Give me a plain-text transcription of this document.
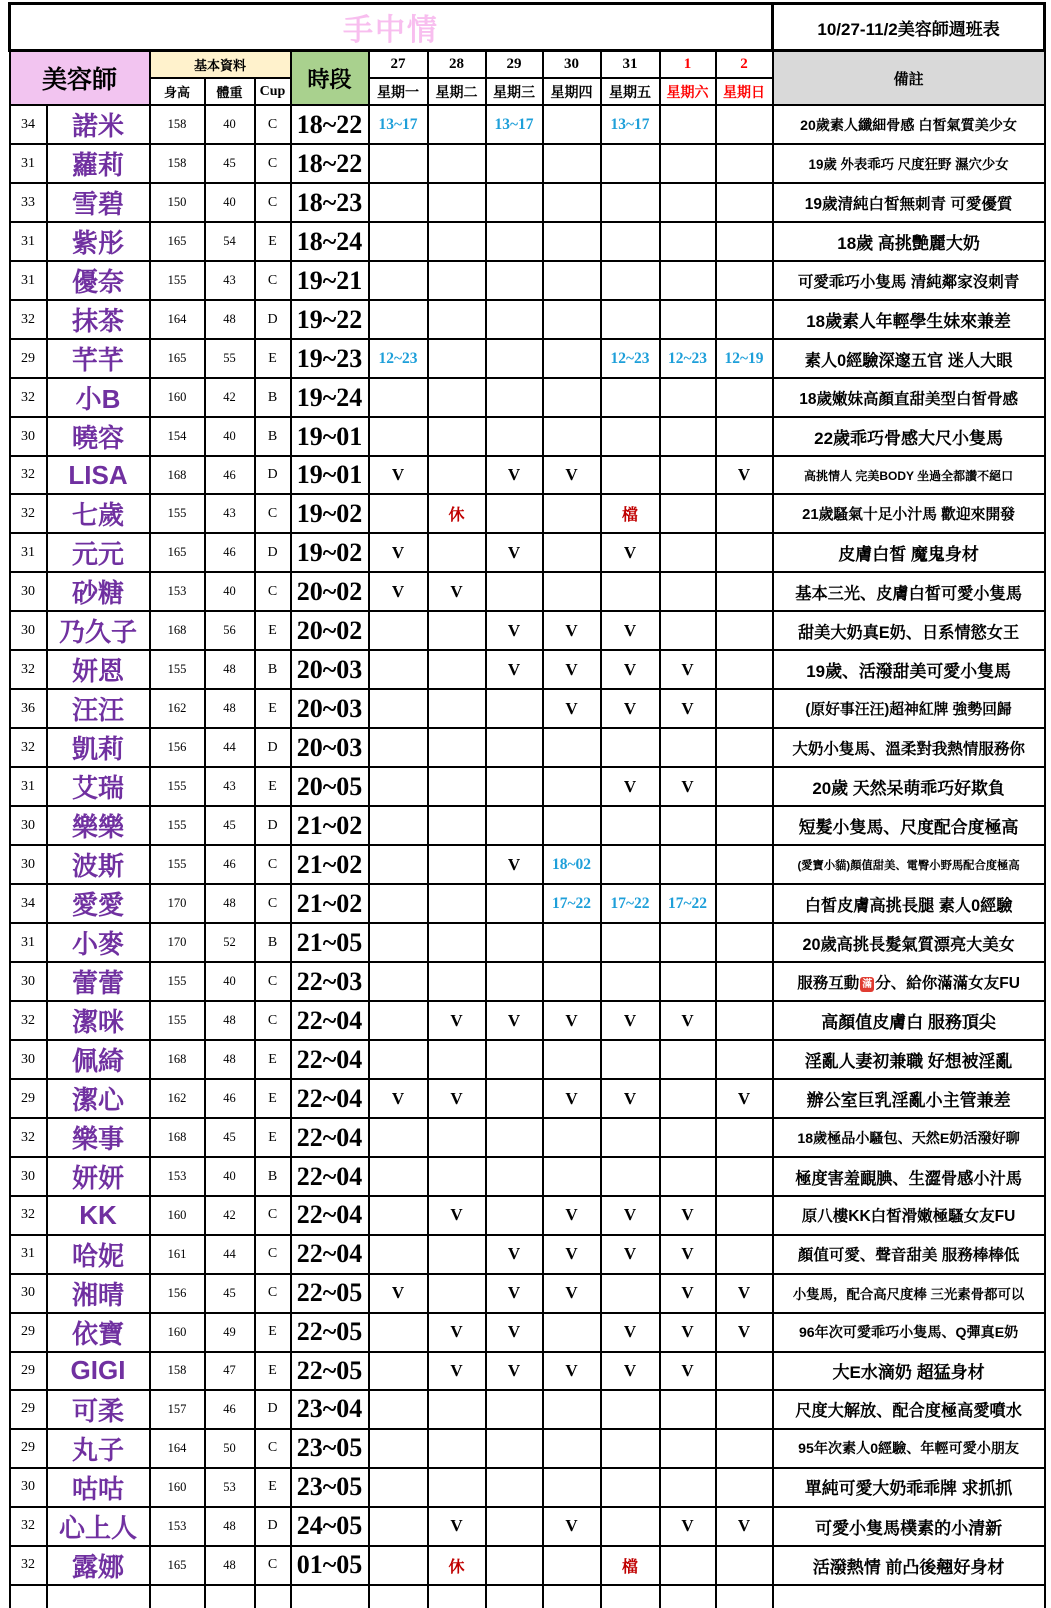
手中情													10/27-11/2美容師週班表
美容師		基本資料			時段	27	28	29	30	31	1	2	備註
		身高	體重	Cup		星期一	星期二	星期三	星期四	星期五	星期六	星期日	
34	諾米	158	40	C	18~22	13~17		13~17		13~17			20歲素人纖細骨感 白皙氣質美少女
31	蘿莉	158	45	C	18~22								19歲 外表乖巧 尺度狂野 濕穴少女
33	雪碧	150	40	C	18~23								19歲清純白皙無刺青 可愛優質
31	紫彤	165	54	E	18~24								18歲 高挑艷麗大奶
31	優奈	155	43	C	19~21								可愛乖巧小隻馬 清純鄰家沒刺青
32	抹茶	164	48	D	19~22								18歲素人年輕學生妹來兼差
29	芊芊	165	55	E	19~23	12~23				12~23	12~23	12~19	素人0經驗深邃五官 迷人大眼
32	小B	160	42	B	19~24								18歲嫩妹高顏直甜美型白皙骨感
30	曉容	154	40	B	19~01								22歲乖巧骨感大尺小隻馬
32	LISA	168	46	D	19~01	V		V	V			V	高挑情人 完美BODY 坐過全都讚不絕口
32	七歲	155	43	C	19~02		休			檔			21歲騷氣十足小汁馬 歡迎來開發
31	元元	165	46	D	19~02	V		V		V			皮膚白皙 魔鬼身材
30	砂糖	153	40	C	20~02	V	V						基本三光、皮膚白皙可愛小隻馬
30	乃久子	168	56	E	20~02			V	V	V			甜美大奶真E奶、日系情慾女王
32	妍恩	155	48	B	20~03			V	V	V	V		19歲、活潑甜美可愛小隻馬
36	汪汪	162	48	E	20~03				V	V	V		(原好事汪汪)超神紅牌 強勢回歸
32	凱莉	156	44	D	20~03								大奶小隻馬、溫柔對我熱情服務你
31	艾瑞	155	43	E	20~05					V	V		20歲 天然呆萌乖巧好欺負
30	樂樂	155	45	D	21~02								短髮小隻馬、尺度配合度極高
30	波斯	155	46	C	21~02			V	18~02				(愛寶小貓)顏值甜美、電臀小野馬配合度極高
34	愛愛	170	48	C	21~02				17~22	17~22	17~22		白皙皮膚高挑長腿 素人0經驗
31	小麥	170	52	B	21~05								20歲高挑長髮氣質漂亮大美女
30	蕾蕾	155	40	C	22~03								服務互動 滿 分、給你滿滿女友FU
32	潔咪	155	48	C	22~04		V	V	V	V	V		高顏值皮膚白 服務頂尖
30	佩綺	168	48	E	22~04								淫亂人妻初兼職 好想被淫亂
29	潔心	162	46	E	22~04	V	V		V	V		V	辦公室巨乳淫亂小主管兼差
32	樂事	168	45	E	22~04								18歲極品小騷包、天然E奶活潑好聊
30	妍妍	153	40	B	22~04								極度害羞靦腆、生澀骨感小汁馬
32	KK	160	42	C	22~04		V		V	V	V		原八樓KK白皙滑嫩極騷女友FU
31	哈妮	161	44	C	22~04			V	V	V	V		顏值可愛、聲音甜美 服務棒棒低
30	湘晴	156	45	C	22~05	V		V	V		V	V	小隻馬，配合高尺度棒 三光素骨都可以
29	依寶	160	49	E	22~05		V	V		V	V	V	96年次可愛乖巧小隻馬、Q彈真E奶
29	GIGI	158	47	E	22~05		V	V	V	V	V		大E水滴奶 超猛身材
29	可柔	157	46	D	23~04								尺度大解放、配合度極高愛噴水
29	丸子	164	50	C	23~05								95年次素人0經驗、年輕可愛小朋友
30	咕咕	160	53	E	23~05								單純可愛大奶乖乖牌 求抓抓
32	心上人	153	48	D	24~05		V		V		V	V	可愛小隻馬樸素的小清新
32	露娜	165	48	C	01~05		休			檔			活潑熱情 前凸後翹好身材
